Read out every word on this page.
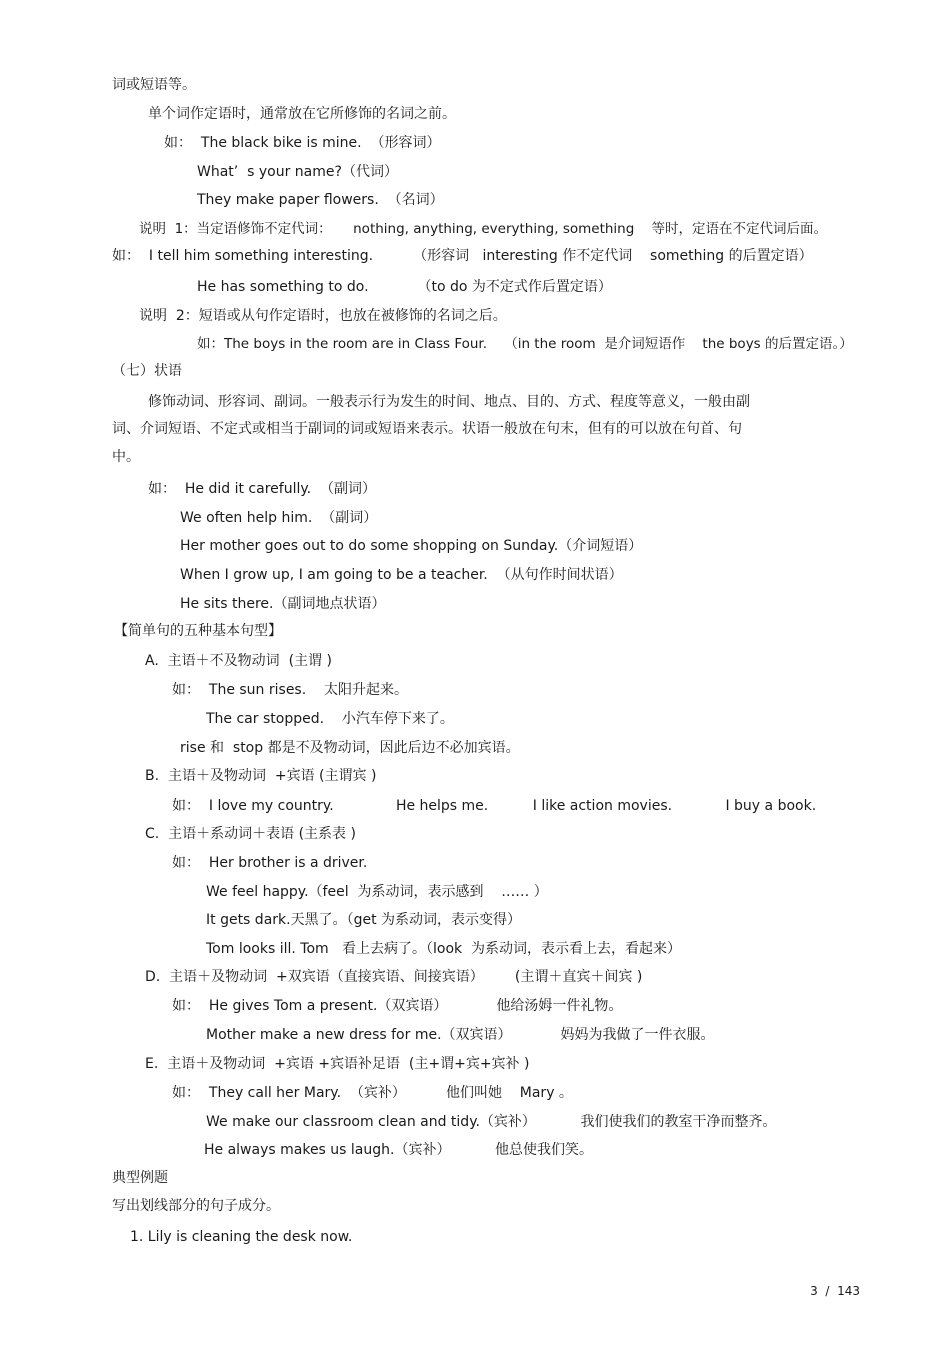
词或短语等。
单个词作定语时，通常放在它所修饰的名词之前。
如：  The black bike is mine.  （形容词）
What’  s your name?（代词）
They make paper flowers.  （名词）
说明  1：当定语修饰不定代词：     nothing, anything, everything, something    等时，定语在不定代词后面。
如：  I tell him something interesting.         （形容词   interesting 作不定代词    something 的后置定语）
He has something to do.           （to do 为不定式作后置定语）
说明  2：短语或从句作定语时，也放在被修饰的名词之后。
如：The boys in the room are in Class Four.    （in the room  是介词短语作    the boys 的后置定语。）
（七）状语
修饰动词、形容词、副词。一般表示行为发生的时间、地点、目的、方式、程度等意义，一般由副
词、介词短语、不定式或相当于副词的词或短语来表示。状语一般放在句末，但有的可以放在句首、句
中。
如：  He did it carefully.  （副词）
We often help him.  （副词）
Her mother goes out to do some shopping on Sunday.（介词短语）
When I grow up, I am going to be a teacher.  （从句作时间状语）
He sits there.（副词地点状语）
【简单句的五种基本句型】
A.  主语＋不及物动词  (主谓 )
如：  The sun rises.    太阳升起来。
The car stopped.    小汽车停下来了。
rise 和  stop 都是不及物动词，因此后边不必加宾语。
B.  主语＋及物动词  +宾语 (主谓宾 )
如：  I love my country.              He helps me.          I like action movies.            I buy a book.
C.  主语＋系动词＋表语 (主系表 )
如：  Her brother is a driver.
We feel happy.（feel  为系动词，表示感到    …… ）
It gets dark.天黑了。（get 为系动词，表示变得）
Tom looks ill. Tom   看上去病了。（look  为系动词，表示看上去，看起来）
D.  主语＋及物动词  +双宾语（直接宾语、间接宾语）       (主谓＋直宾＋间宾 )
如：  He gives Tom a present.（双宾语）           他给汤姆一件礼物。
Mother make a new dress for me.（双宾语）           妈妈为我做了一件衣服。
E.  主语＋及物动词  +宾语 +宾语补足语  (主+谓+宾+宾补 )
如：  They call her Mary.  （宾补）         他们叫她    Mary 。
We make our classroom clean and tidy.（宾补）          我们使我们的教室干净而整齐。
He always makes us laugh.（宾补）          他总使我们笑。
典型例题
写出划线部分的句子成分。
1. Lily is cleaning the desk now.
3  /  143
